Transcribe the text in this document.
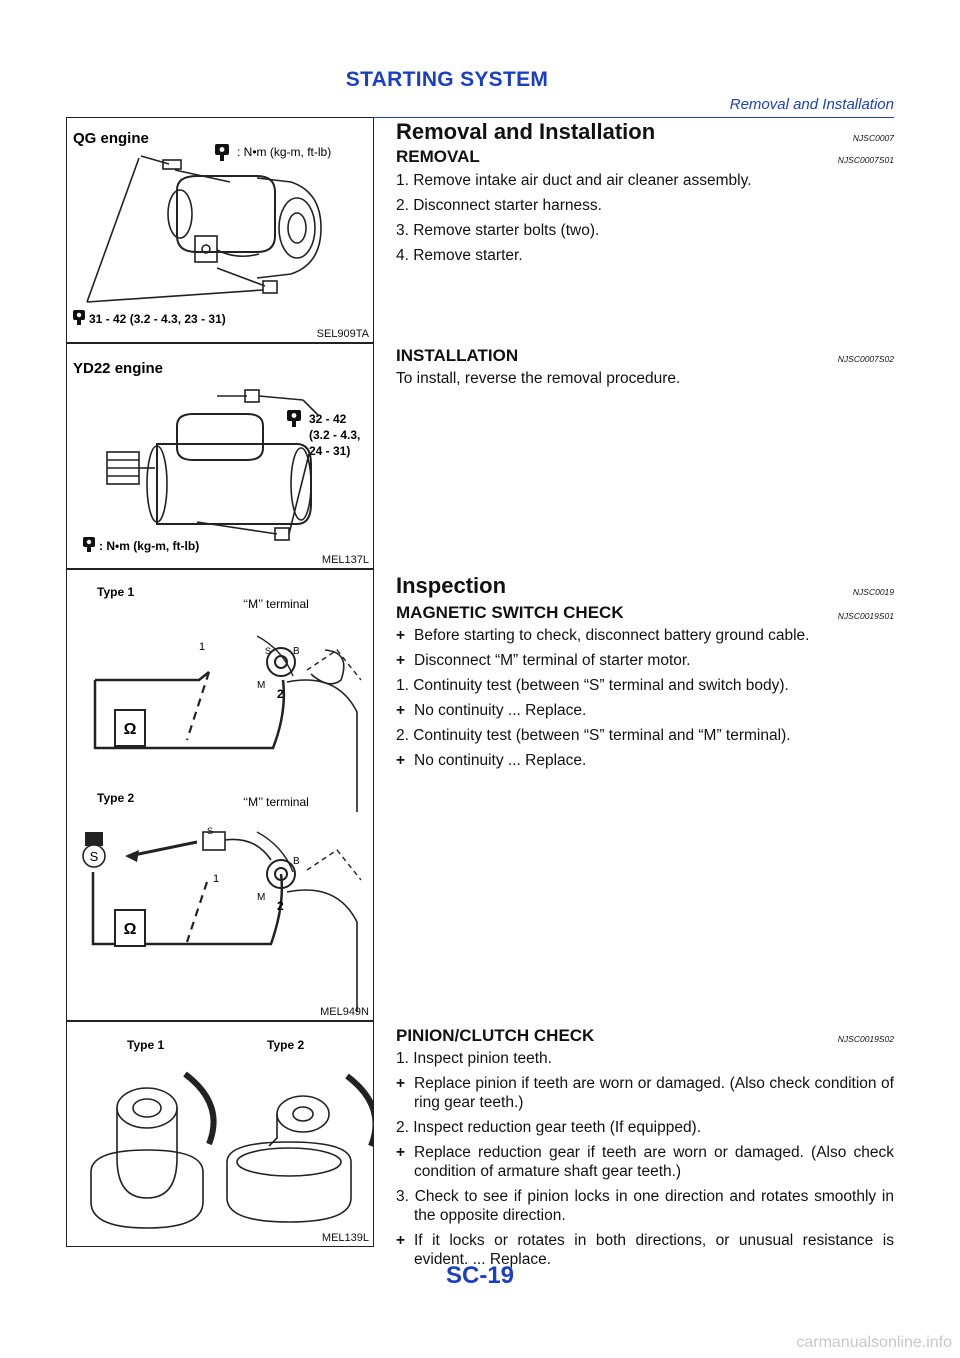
STARTING SYSTEM
Removal and Installation
QG engine
: N•m (kg-m, ft-lb)
31 - 42 (3.2 - 4.3, 23 - 31)
SEL909TA
YD22 engine
32 - 42
(3.2 - 4.3,
24 - 31)
: N•m (kg-m, ft-lb)
MEL137L
Type 1
‘‘M’’ terminal
Ω
1	S B
M
2
Type 2	‘‘M’’ terminal
S
Ω
S
1
B
M
2
MEL949N
Type 1	Type 2
MEL139L
Removal and Installation	NJSC0007
REMOVAL	NJSC0007S01
1. Remove intake air duct and air cleaner assembly.
2. Disconnect starter harness.
3. Remove starter bolts (two).
4. Remove starter.
INSTALLATION	NJSC0007S02
To install, reverse the removal procedure.
Inspection	NJSC0019
MAGNETIC SWITCH CHECK	NJSC0019S01
+ Before starting to check, disconnect battery ground cable.
+ Disconnect “M” terminal of starter motor.
1. Continuity test (between “S” terminal and switch body).
+ No continuity ... Replace.
2. Continuity test (between “S” terminal and “M” terminal).
+ No continuity ... Replace.
PINION/CLUTCH CHECK	NJSC0019S02
1. Inspect pinion teeth.
+ Replace pinion if teeth are worn or damaged. (Also check condition of ring gear teeth.)
2. Inspect reduction gear teeth (If equipped).
+ Replace reduction gear if teeth are worn or damaged. (Also check condition of armature shaft gear teeth.)
3. Check to see if pinion locks in one direction and rotates smoothly in the opposite direction.
+ If it locks or rotates in both directions, or unusual resistance is evident. ... Replace.
SC-19
carmanualsonline.info
